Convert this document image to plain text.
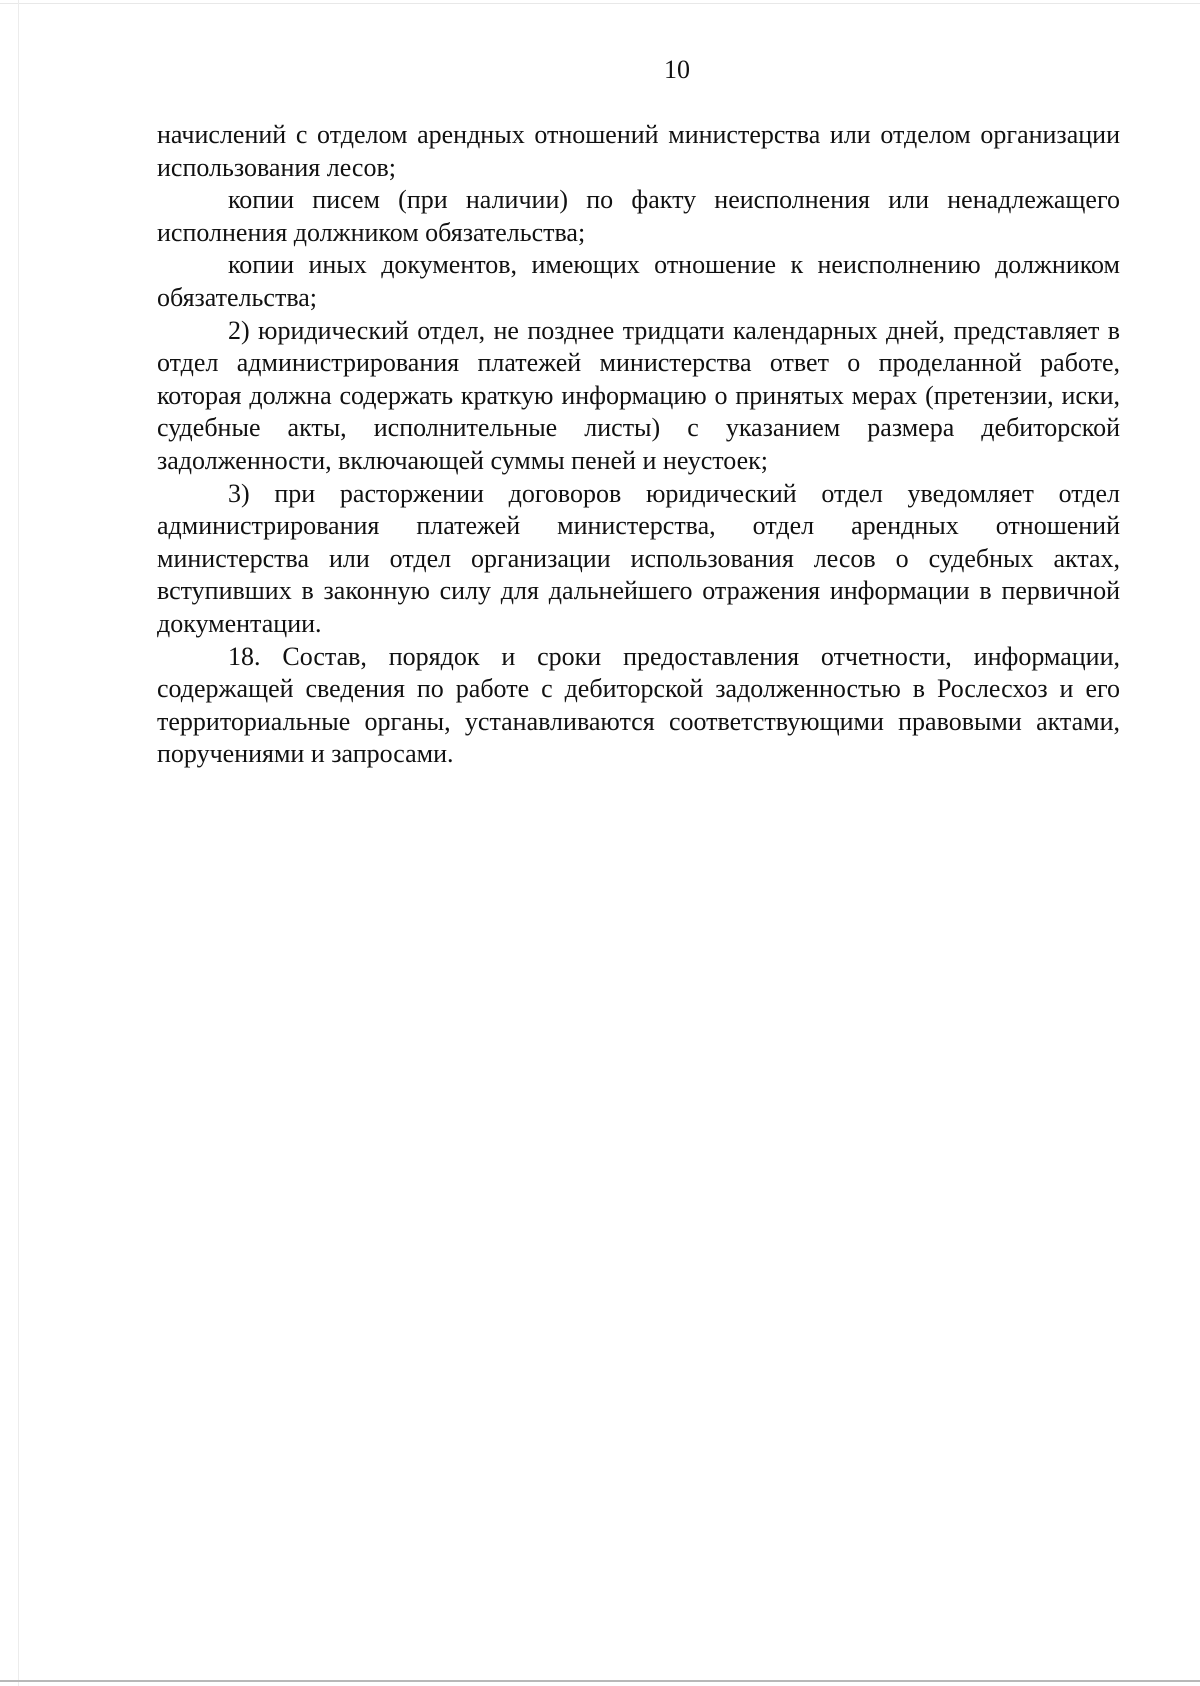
10

начислений с отделом арендных отношений министерства или отделом организации использования лесов;

копии писем (при наличии) по факту неисполнения или ненадлежащего исполнения должником обязательства;

копии иных документов, имеющих отношение к неисполнению должником обязательства;

2) юридический отдел, не позднее тридцати календарных дней, представляет в отдел администрирования платежей министерства ответ о проделанной работе, которая должна содержать краткую информацию о принятых мерах (претензии, иски, судебные акты, исполнительные листы) с указанием размера дебиторской задолженности, включающей суммы пеней и неустоек;

3) при расторжении договоров юридический отдел уведомляет отдел администрирования платежей министерства, отдел арендных отношений министерства или отдел организации использования лесов о судебных актах, вступивших в законную силу для дальнейшего отражения информации в первичной документации.

18. Состав, порядок и сроки предоставления отчетности, информации, содержащей сведения по работе с дебиторской задолженностью в Рослесхоз и его территориальные органы, устанавливаются соответствующими правовыми актами, поручениями и запросами.
